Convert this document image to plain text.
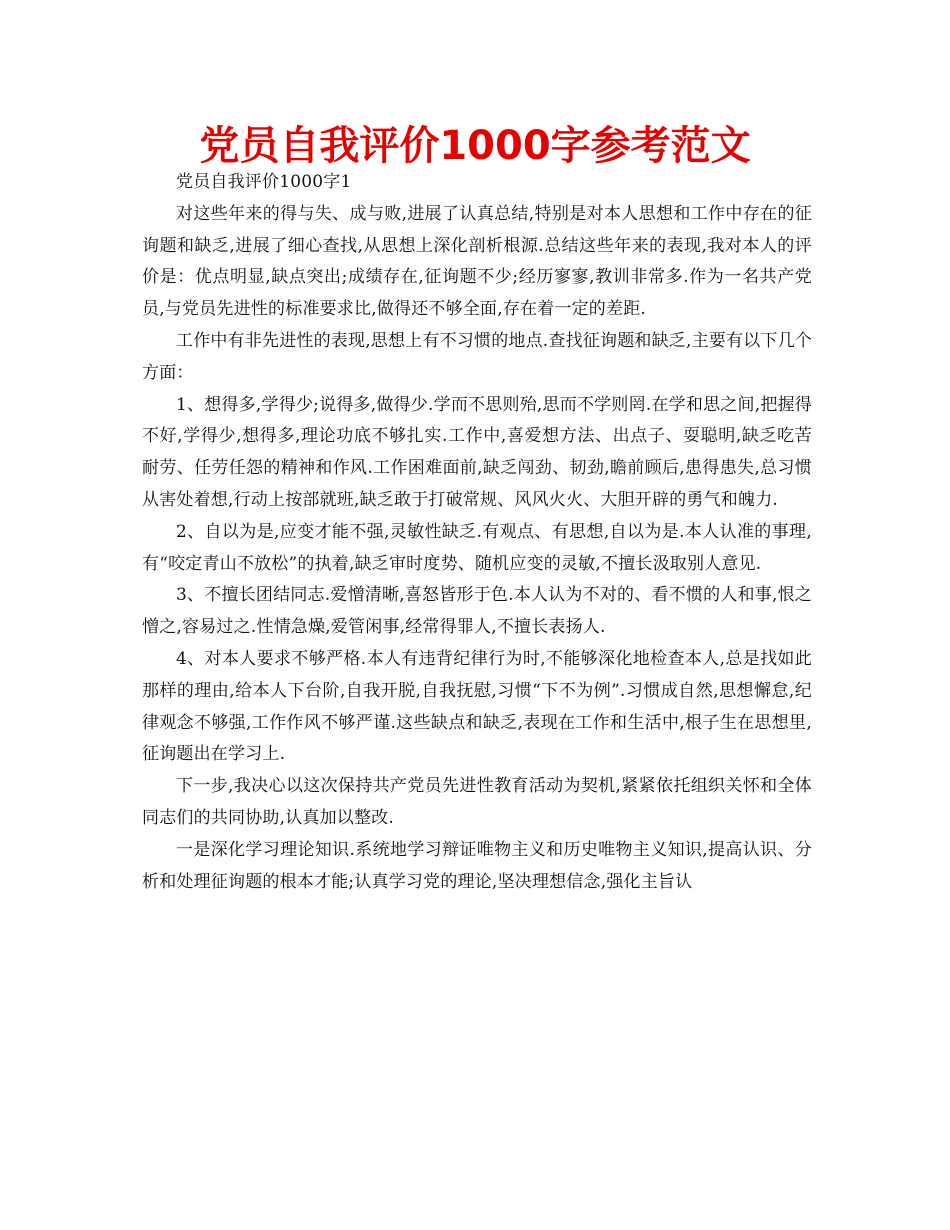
党员自我评价1000字参考范文

党员自我评价1000字1

对这些年来的得与失、成与败,进展了认真总结,特别是对本人思想和工作中存在的征询题和缺乏,进展了细心查找,从思想上深化剖析根源.总结这些年来的表现,我对本人的评价是：优点明显,缺点突出;成绩存在,征询题不少;经历寥寥,教训非常多.作为一名共产党员,与党员先进性的标准要求比,做得还不够全面,存在着一定的差距.

工作中有非先进性的表现,思想上有不习惯的地点.查找征询题和缺乏,主要有以下几个方面：

1、想得多,学得少;说得多,做得少.学而不思则殆,思而不学则罔.在学和思之间,把握得不好,学得少,想得多,理论功底不够扎实.工作中,喜爱想方法、出点子、耍聪明,缺乏吃苦耐劳、任劳任怨的精神和作风.工作困难面前,缺乏闯劲、韧劲,瞻前顾后,患得患失,总习惯从害处着想,行动上按部就班,缺乏敢于打破常规、风风火火、大胆开辟的勇气和魄力.

2、自以为是,应变才能不强,灵敏性缺乏.有观点、有思想,自以为是.本人认准的事理,有“咬定青山不放松”的执着,缺乏审时度势、随机应变的灵敏,不擅长汲取别人意见.

3、不擅长团结同志.爱憎清晰,喜怒皆形于色.本人认为不对的、看不惯的人和事,恨之憎之,容易过之.性情急燥,爱管闲事,经常得罪人,不擅长表扬人.

4、对本人要求不够严格.本人有违背纪律行为时,不能够深化地检查本人,总是找如此那样的理由,给本人下台阶,自我开脱,自我抚慰,习惯“下不为例”.习惯成自然,思想懈怠,纪律观念不够强,工作作风不够严谨.这些缺点和缺乏,表现在工作和生活中,根子生在思想里,征询题出在学习上.

下一步,我决心以这次保持共产党员先进性教育活动为契机,紧紧依托组织关怀和全体同志们的共同协助,认真加以整改.

一是深化学习理论知识.系统地学习辩证唯物主义和历史唯物主义知识,提高认识、分析和处理征询题的根本才能;认真学习党的理论,坚决理想信念,强化主旨认
